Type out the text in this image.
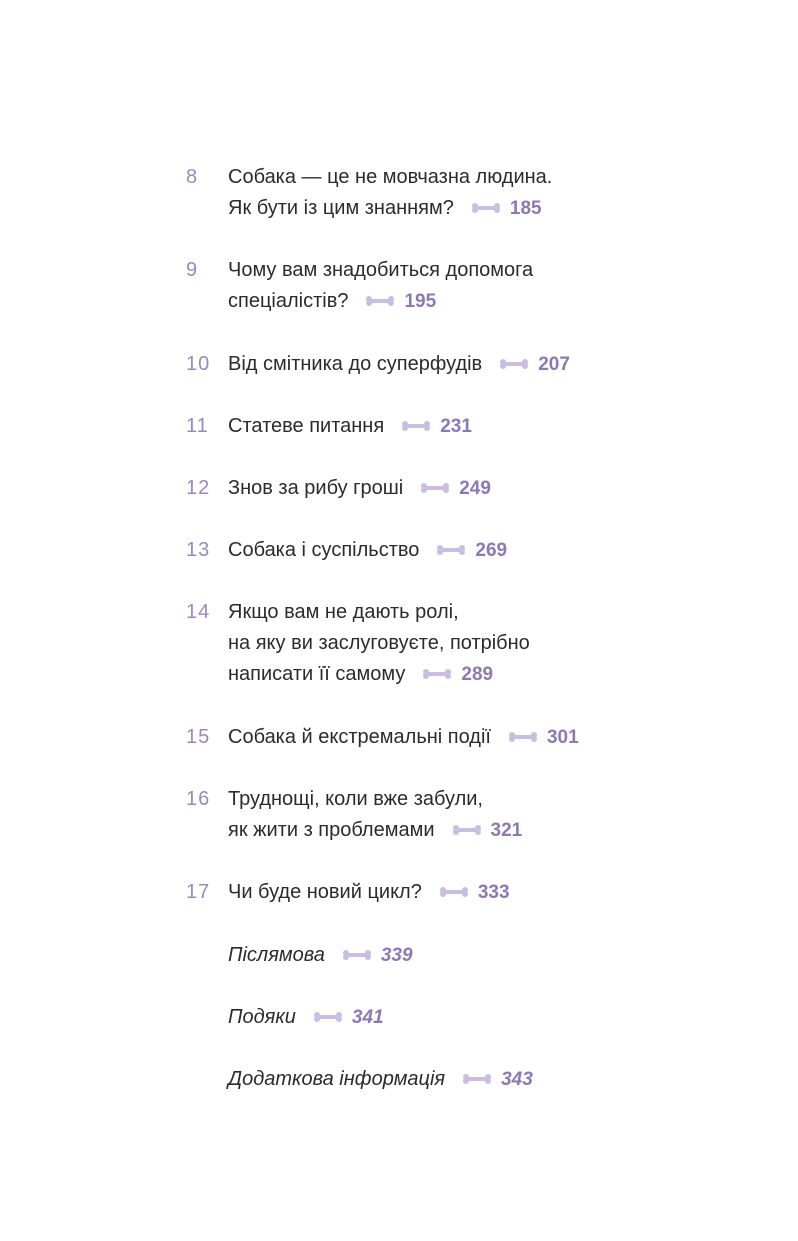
8 Собака — це не мовчазна людина.
Як бути із цим знанням?	185
9 Чому вам знадобиться допомога
спеціалістів?	195
10 Від смітника до суперфудів	207
11 Статеве питання	231
12 Знов за рибу гроші	249
13 Собака і суспільство	269
14 Якщо вам не дають ролі,
на яку ви заслуговуєте, потрібно
написати її самому	289
15 Собака й екстремальні події	301
16 Труднощі, коли вже забули,
як жити з проблемами	321
17 Чи буде новий цикл?	333
Післямова	339
Подяки	341
Додаткова інформація	343
